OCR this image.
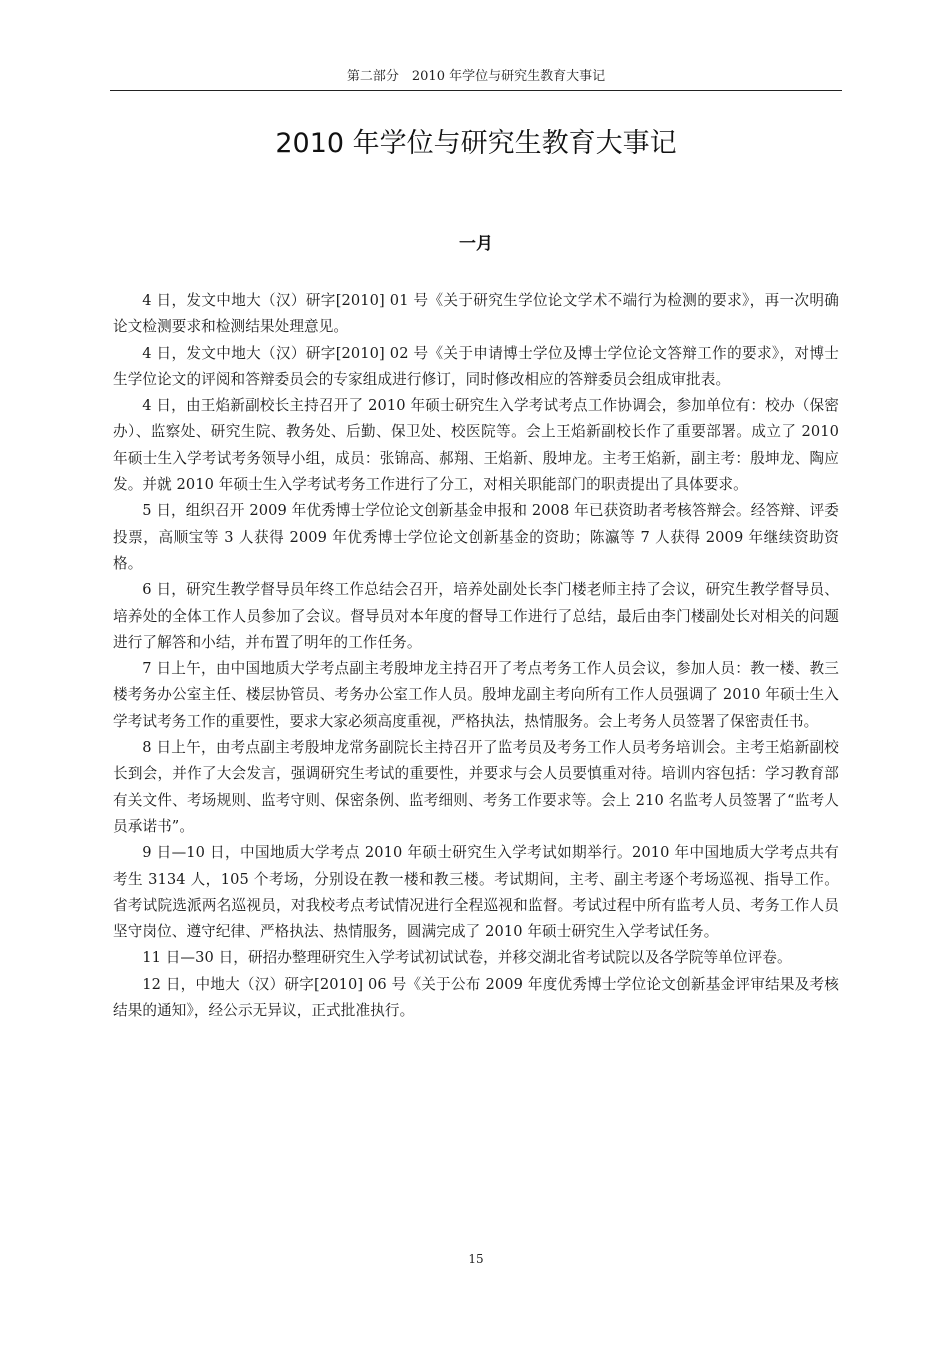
第二部分　2010 年学位与研究生教育大事记
2010 年学位与研究生教育大事记
一月

4 日，发文中地大（汉）研字[2010] 01 号《关于研究生学位论文学术不端行为检测的要求》，再一次明确论文检测要求和检测结果处理意见。

4 日，发文中地大（汉）研字[2010] 02 号《关于申请博士学位及博士学位论文答辩工作的要求》，对博士生学位论文的评阅和答辩委员会的专家组成进行修订，同时修改相应的答辩委员会组成审批表。

4 日，由王焰新副校长主持召开了 2010 年硕士研究生入学考试考点工作协调会，参加单位有：校办（保密办）、监察处、研究生院、教务处、后勤、保卫处、校医院等。会上王焰新副校长作了重要部署。成立了 2010 年硕士生入学考试考务领导小组，成员：张锦高、郝翔、王焰新、殷坤龙。主考王焰新，副主考：殷坤龙、陶应发。并就 2010 年硕士生入学考试考务工作进行了分工，对相关职能部门的职责提出了具体要求。

5 日，组织召开 2009 年优秀博士学位论文创新基金申报和 2008 年已获资助者考核答辩会。经答辩、评委投票，高顺宝等 3 人获得 2009 年优秀博士学位论文创新基金的资助；陈瀛等 7 人获得 2009 年继续资助资格。

6 日，研究生教学督导员年终工作总结会召开，培养处副处长李门楼老师主持了会议，研究生教学督导员、培养处的全体工作人员参加了会议。督导员对本年度的督导工作进行了总结，最后由李门楼副处长对相关的问题进行了解答和小结，并布置了明年的工作任务。

7 日上午，由中国地质大学考点副主考殷坤龙主持召开了考点考务工作人员会议，参加人员：教一楼、教三楼考务办公室主任、楼层协管员、考务办公室工作人员。殷坤龙副主考向所有工作人员强调了 2010 年硕士生入学考试考务工作的重要性，要求大家必须高度重视，严格执法，热情服务。会上考务人员签署了保密责任书。

8 日上午，由考点副主考殷坤龙常务副院长主持召开了监考员及考务工作人员考务培训会。主考王焰新副校长到会，并作了大会发言，强调研究生考试的重要性，并要求与会人员要慎重对待。培训内容包括：学习教育部有关文件、考场规则、监考守则、保密条例、监考细则、考务工作要求等。会上 210 名监考人员签署了“监考人员承诺书”。

9 日—10 日，中国地质大学考点 2010 年硕士研究生入学考试如期举行。2010 年中国地质大学考点共有考生 3134 人，105 个考场，分别设在教一楼和教三楼。考试期间，主考、副主考逐个考场巡视、指导工作。省考试院选派两名巡视员，对我校考点考试情况进行全程巡视和监督。考试过程中所有监考人员、考务工作人员坚守岗位、遵守纪律、严格执法、热情服务，圆满完成了 2010 年硕士研究生入学考试任务。

11 日—30 日，研招办整理研究生入学考试初试试卷，并移交湖北省考试院以及各学院等单位评卷。

12 日，中地大（汉）研字[2010] 06 号《关于公布 2009 年度优秀博士学位论文创新基金评审结果及考核结果的通知》，经公示无异议，正式批准执行。

15
